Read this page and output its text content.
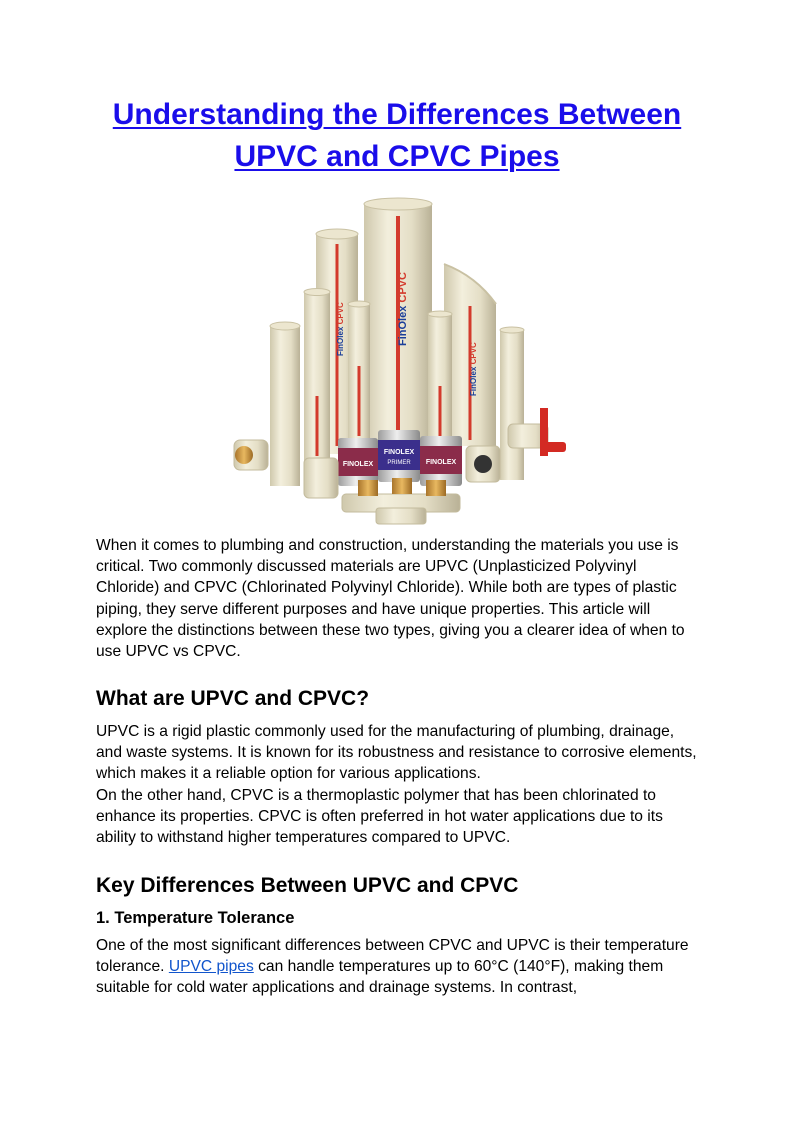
Understanding the Differences Between
UPVC and CPVC Pipes
FinOlex CPVC
FinOlex CPVC
FinOlex CPVC
FINOLEX
FINOLEX
PRIMER FINOLEX

When it comes to plumbing and construction, understanding the materials you use is critical. Two commonly discussed materials are UPVC (Unplasticized Polyvinyl Chloride) and CPVC (Chlorinated Polyvinyl Chloride). While both are types of plastic piping, they serve different purposes and have unique properties. This article will explore the distinctions between these two types, giving you a clearer idea of when to use UPVC vs CPVC.

What are UPVC and CPVC?

UPVC is a rigid plastic commonly used for the manufacturing of plumbing, drainage, and waste systems. It is known for its robustness and resistance to corrosive elements, which makes it a reliable option for various applications.

On the other hand, CPVC is a thermoplastic polymer that has been chlorinated to enhance its properties. CPVC is often preferred in hot water applications due to its ability to withstand higher temperatures compared to UPVC.

Key Differences Between UPVC and CPVC
1. Temperature Tolerance

One of the most significant differences between CPVC and UPVC is their temperature tolerance. UPVC pipes can handle temperatures up to 60°C (140°F), making them suitable for cold water applications and drainage systems. In contrast,
